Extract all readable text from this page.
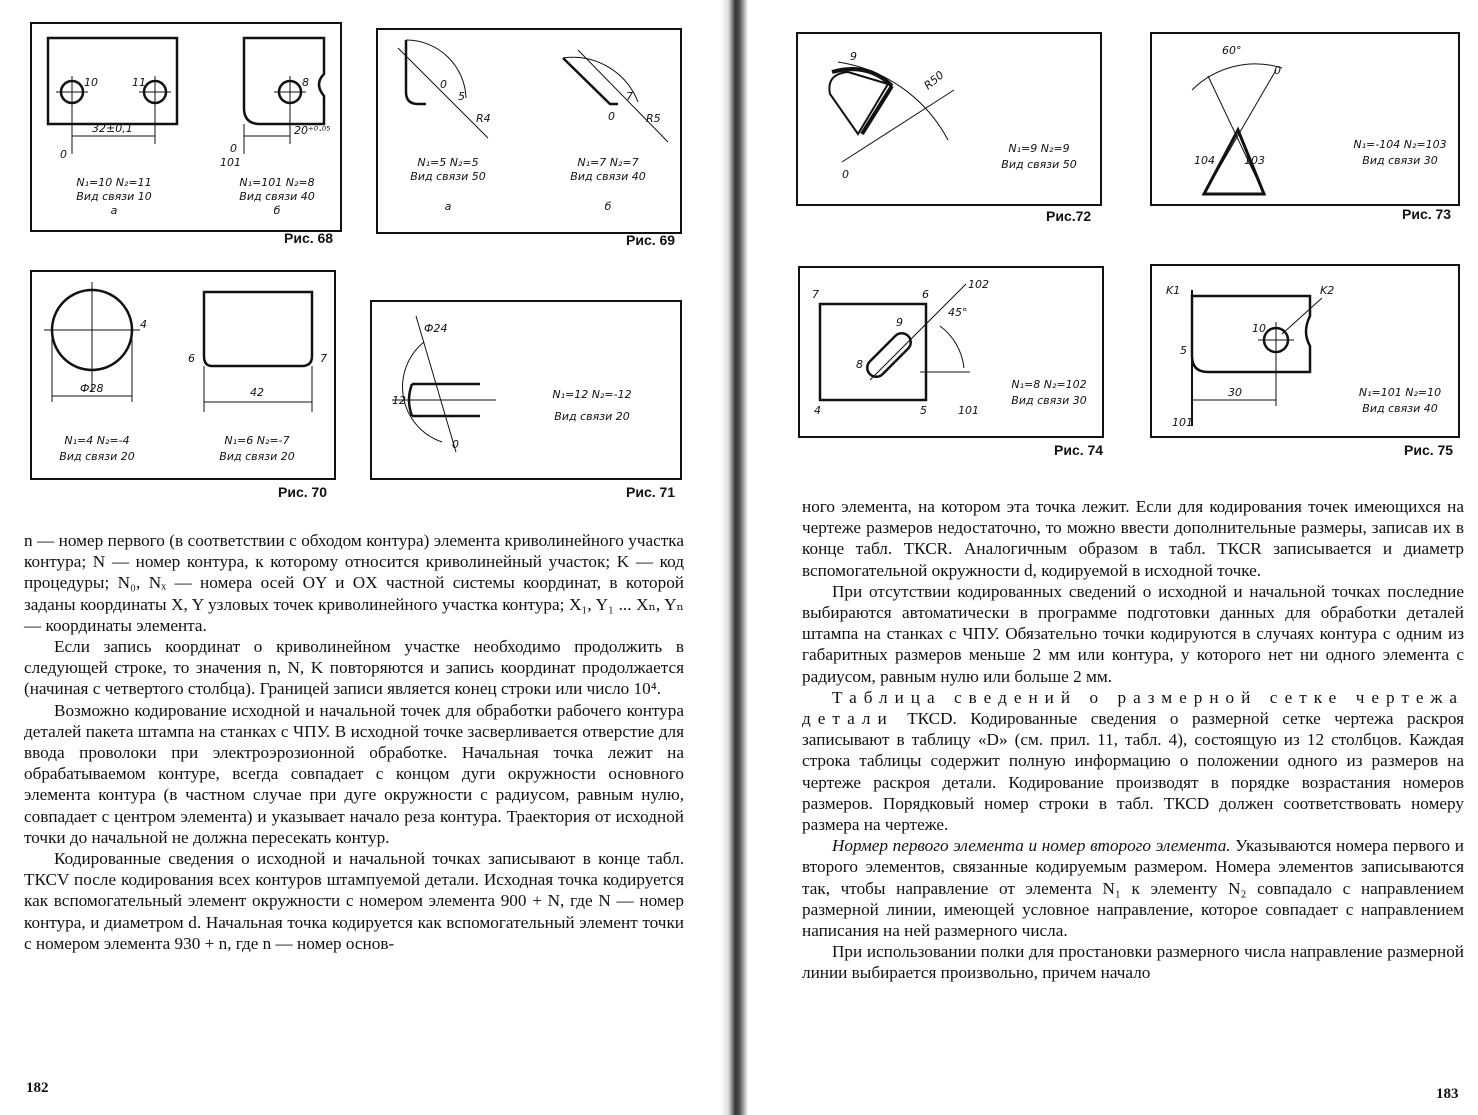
10	11
32±0,1
0
8
20⁺⁰·⁰⁵
0
101
N₁=10 N₂=11
Вид связи 10
а
N₁=101 N₂=8
Вид связи 40
б
Рис. 68
0
5
R4
7
0	R5
N₁=5 N₂=5
Вид связи 50
а
N₁=7 N₂=7
Вид связи 40
б
Рис. 69
4
Ф28
6	7
42
N₁=4 N₂=-4
Вид связи 20
N₁=6 N₂=-7
Вид связи 20
Рис. 70
Ф24
12
0
N₁=12 N₂=-12
Вид связи 20
Рис. 71

n — номер первого (в соответствии с обходом контура) элемента криволинейного участка контура; N — номер контура, к которому относится криволинейный участок; K — код процедуры; N₀, Nₓ — номера осей OY и OX частной системы координат, в которой заданы координаты X, Y узловых точек криволинейного участка контура; X₁, Y₁ ... Xₙ, Yₙ — координаты элемента.

Если запись координат о криволинейном участке необходимо продолжить в следующей строке, то значения n, N, K повторяются и запись координат продолжается (начиная с четвертого столбца). Границей записи является конец строки или число 10⁴.

Возможно кодирование исходной и начальной точек для обработки рабочего контура деталей пакета штампа на станках с ЧПУ. В исходной точке засверливается отверстие для ввода проволоки при электроэрозионной обработке. Начальная точка лежит на обрабатываемом контуре, всегда совпадает с концом дуги окружности основного элемента контура (в частном случае при дуге окружности с радиусом, равным нулю, совпадает с центром элемента) и указывает начало реза контура. Траектория от исходной точки до начальной не должна пересекать контур.

Кодированные сведения о исходной и начальной точках записывают в конце табл. ТКСV после кодирования всех контуров штампуемой детали. Исходная точка кодируется как вспомогательный элемент окружности с номером элемента 900 + N, где N — номер контура, и диаметром d. Начальная точка кодируется как вспомогательный элемент точки с номером элемента 930 + n, где n — номер основ-

182
9
R50
0
N₁=9 N₂=9
Вид связи 50
Рис.72
60°
0
104	103
N₁=-104 N₂=103
Вид связи 30
Рис. 73
7	6
102
45°
9
8
4	5	101
N₁=8 N₂=102
Вид связи 30
Рис. 74
K1	K2
10
5
30
101
N₁=101 N₂=10
Вид связи 40
Рис. 75

ного элемента, на котором эта точка лежит. Если для кодирования точек имеющихся на чертеже размеров недостаточно, то можно ввести дополнительные размеры, записав их в конце табл. ТКСR. Аналогичным образом в табл. ТКСR записывается и диаметр вспомогательной окружности d, кодируемой в исходной точке.

При отсутствии кодированных сведений о исходной и начальной точках последние выбираются автоматически в программе подготовки данных для обработки деталей штампа на станках с ЧПУ. Обязательно точки кодируются в случаях контура с одним из габаритных размеров меньше 2 мм или контура, у которого нет ни одного элемента с радиусом, равным нулю или больше 2 мм.

Таблица сведений о размерной сетке чертежа детали ТКСD. Кодированные сведения о размерной сетке чертежа раскроя записывают в таблицу «D» (см. прил. 11, табл. 4), состоящую из 12 столбцов. Каждая строка таблицы содержит полную информацию о положении одного из размеров на чертеже раскроя детали. Кодирование производят в порядке возрастания номеров размеров. Порядковый номер строки в табл. ТКСD должен соответствовать номеру размера на чертеже.

Нормер первого элемента и номер второго элемента. Указываются номера первого и второго элементов, связанные кодируемым размером. Номера элементов записываются так, чтобы направление от элемента N₁ к элементу N₂ совпадало с направлением размерной линии, имеющей условное направление, которое совпадает с направлением написания на ней размерного числа.

При использовании полки для простановки размерного числа направление размерной линии выбирается произвольно, причем начало

183
